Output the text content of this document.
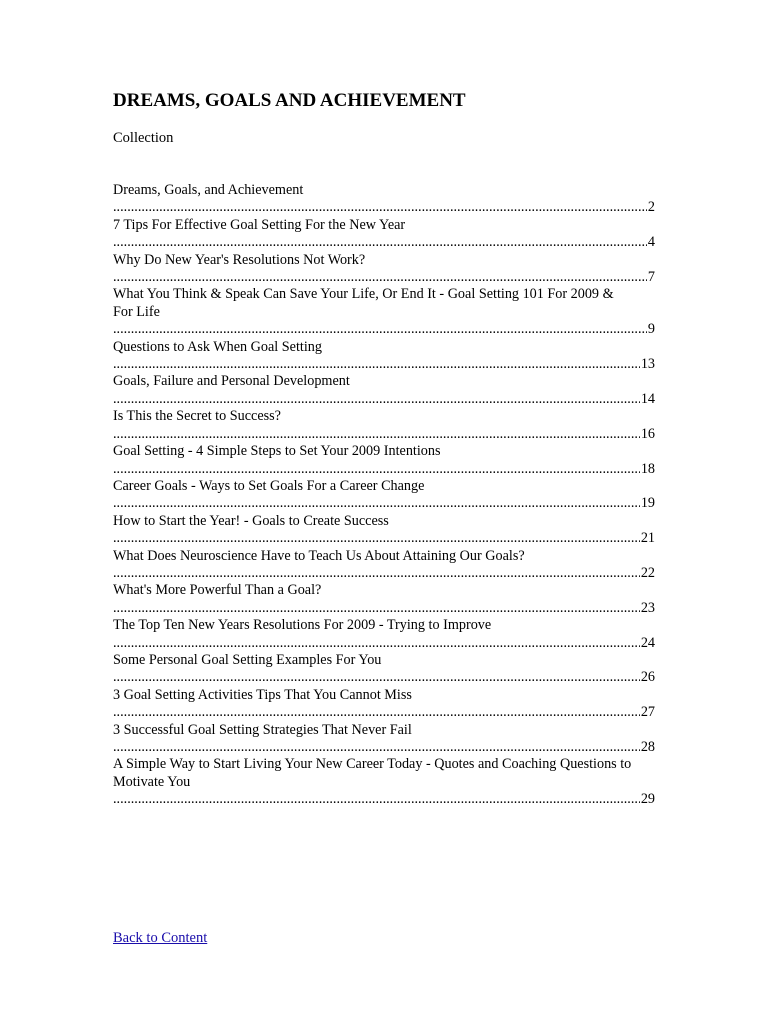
DREAMS, GOALS AND ACHIEVEMENT
Collection
Dreams, Goals, and Achievement .....
2
7 Tips For Effective Goal Setting For the New Year .....
4
Why Do New Year's Resolutions Not Work? .....
7
What You Think & Speak Can Save Your Life, Or End It - Goal Setting 101 For 2009 & For Life .....
9
Questions to Ask When Goal Setting .....
13
Goals, Failure and Personal Development .....
14
Is This the Secret to Success? .....
16
Goal Setting - 4 Simple Steps to Set Your 2009 Intentions .....
18
Career Goals - Ways to Set Goals For a Career Change .....
19
How to Start the Year! - Goals to Create Success .....
21
What Does Neuroscience Have to Teach Us About Attaining Our Goals? .....
22
What's More Powerful Than a Goal? .....
23
The Top Ten New Years Resolutions For 2009 - Trying to Improve .....
24
Some Personal Goal Setting Examples For You .....
26
3 Goal Setting Activities Tips That You Cannot Miss .....
27
3 Successful Goal Setting Strategies That Never Fail .....
28
A Simple Way to Start Living Your New Career Today - Quotes and Coaching Questions to Motivate You .....
29
Back to Content
